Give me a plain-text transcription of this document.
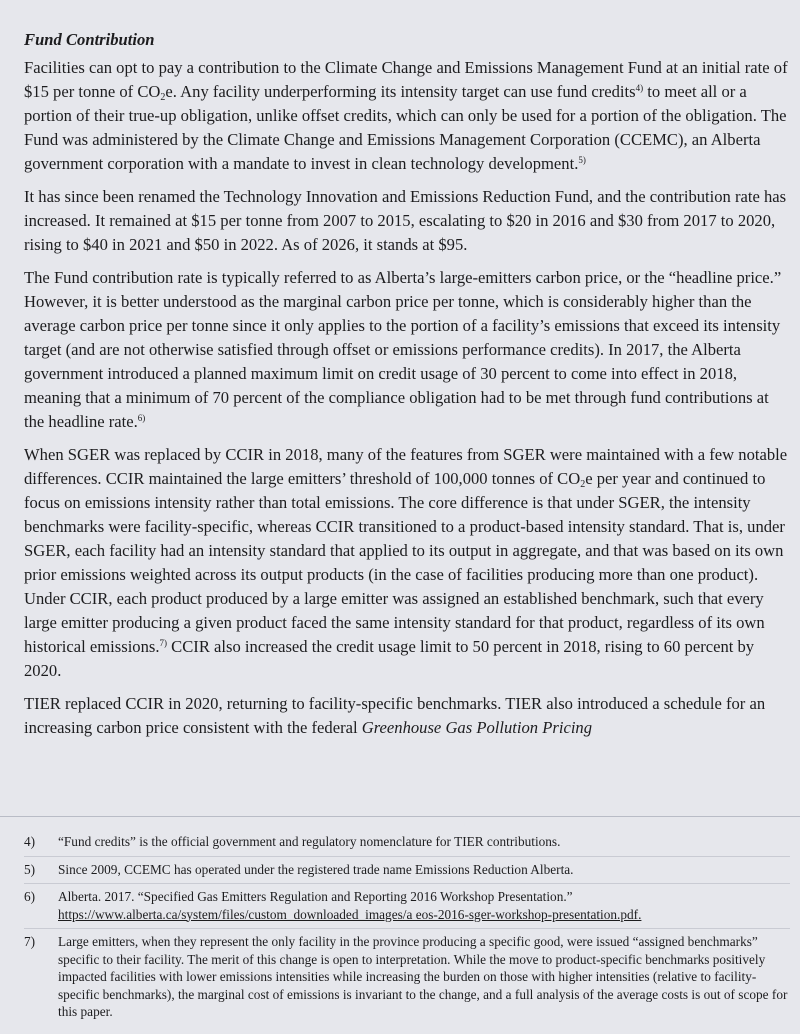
Fund Contribution

Facilities can opt to pay a contribution to the Climate Change and Emissions Management Fund at an initial rate of $15 per tonne of $CO_2e$. Any facility underperforming its intensity target can use fund credits$^{4)}$ to meet all or a portion of their true-up obligation, unlike offset credits, which can only be used for a portion of the obligation. The Fund was administered by the Climate Change and Emissions Management Corporation (CCEMC), an Alberta government corporation with a mandate to invest in clean technology development.$^{5)}$

It has since been renamed the Technology Innovation and Emissions Reduction Fund, and the contribution rate has increased. It remained at $15 per tonne from 2007 to 2015, escalating to $20 in 2016 and $30 from 2017 to 2020, rising to $40 in 2021 and $50 in 2022. As of 2026, it stands at $95.

The Fund contribution rate is typically referred to as Alberta’s large-emitters carbon price, or the “headline price.” However, it is better understood as the marginal carbon price per tonne, which is considerably higher than the average carbon price per tonne since it only applies to the portion of a facility’s emissions that exceed its intensity target (and are not otherwise satisfied through offset or emissions performance credits). In 2017, the Alberta government introduced a planned maximum limit on credit usage of 30 percent to come into effect in 2018, meaning that a minimum of 70 percent of the compliance obligation had to be met through fund contributions at the headline rate.$^{6)}$

When SGER was replaced by CCIR in 2018, many of the features from SGER were maintained with a few notable differences. CCIR maintained the large emitters’ threshold of 100,000 tonnes of $CO_2e$ per year and continued to focus on emissions intensity rather than total emissions. The core difference is that under SGER, the intensity benchmarks were facility-specific, whereas CCIR transitioned to a product-based intensity standard. That is, under SGER, each facility had an intensity standard that applied to its output in aggregate, and that was based on its own prior emissions weighted across its output products (in the case of facilities producing more than one product). Under CCIR, each product produced by a large emitter was assigned an established benchmark, such that every large emitter producing a given product faced the same intensity standard for that product, regardless of its own historical emissions.$^{7)}$ CCIR also increased the credit usage limit to 50 percent in 2018, rising to 60 percent by 2020.

TIER replaced CCIR in 2020, returning to facility-specific benchmarks. TIER also introduced a schedule for an increasing carbon price consistent with the federal Greenhouse Gas Pollution Pricing

4)	“Fund credits” is the official government and regulatory nomenclature for TIER contributions.
5)	Since 2009, CCEMC has operated under the registered trade name Emissions Reduction Alberta.
6)	Alberta. 2017. “Specified Gas Emitters Regulation and Reporting 2016 Workshop Presentation.” https://www.alberta.ca/system/files/custom_downloaded_images/a eos-2016-sger-workshop-presentation.pdf.
7)	Large emitters, when they represent the only facility in the province producing a specific good, were issued “assigned benchmarks” specific to their facility. The merit of this change is open to interpretation. While the move to product-specific benchmarks positively impacted facilities with lower emissions intensities while increasing the burden on those with higher intensities (relative to facility-specific benchmarks), the marginal cost of emissions is invariant to the change, and a full analysis of the average costs is out of scope for this paper.
